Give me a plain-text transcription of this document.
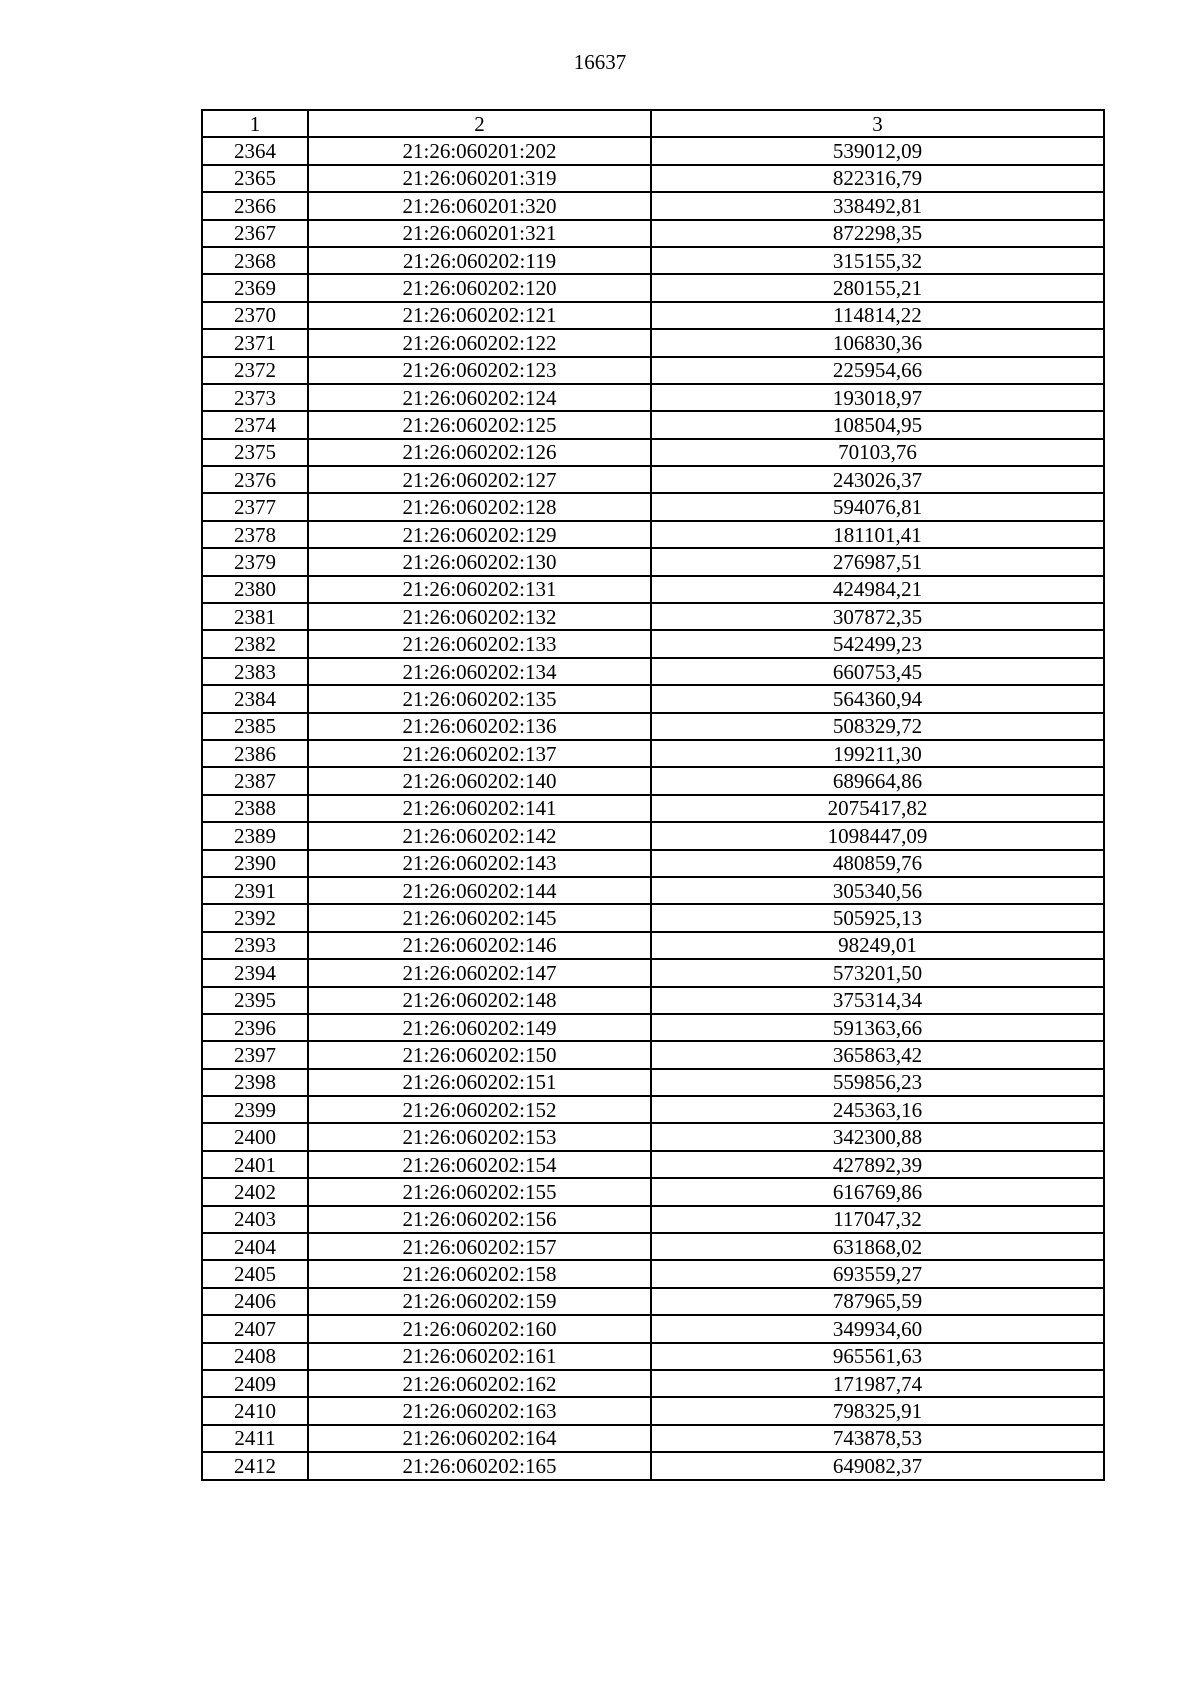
16637
1	2	3
2364	21:26:060201:202	539012,09
2365	21:26:060201:319	822316,79
2366	21:26:060201:320	338492,81
2367	21:26:060201:321	872298,35
2368	21:26:060202:119	315155,32
2369	21:26:060202:120	280155,21
2370	21:26:060202:121	114814,22
2371	21:26:060202:122	106830,36
2372	21:26:060202:123	225954,66
2373	21:26:060202:124	193018,97
2374	21:26:060202:125	108504,95
2375	21:26:060202:126	70103,76
2376	21:26:060202:127	243026,37
2377	21:26:060202:128	594076,81
2378	21:26:060202:129	181101,41
2379	21:26:060202:130	276987,51
2380	21:26:060202:131	424984,21
2381	21:26:060202:132	307872,35
2382	21:26:060202:133	542499,23
2383	21:26:060202:134	660753,45
2384	21:26:060202:135	564360,94
2385	21:26:060202:136	508329,72
2386	21:26:060202:137	199211,30
2387	21:26:060202:140	689664,86
2388	21:26:060202:141	2075417,82
2389	21:26:060202:142	1098447,09
2390	21:26:060202:143	480859,76
2391	21:26:060202:144	305340,56
2392	21:26:060202:145	505925,13
2393	21:26:060202:146	98249,01
2394	21:26:060202:147	573201,50
2395	21:26:060202:148	375314,34
2396	21:26:060202:149	591363,66
2397	21:26:060202:150	365863,42
2398	21:26:060202:151	559856,23
2399	21:26:060202:152	245363,16
2400	21:26:060202:153	342300,88
2401	21:26:060202:154	427892,39
2402	21:26:060202:155	616769,86
2403	21:26:060202:156	117047,32
2404	21:26:060202:157	631868,02
2405	21:26:060202:158	693559,27
2406	21:26:060202:159	787965,59
2407	21:26:060202:160	349934,60
2408	21:26:060202:161	965561,63
2409	21:26:060202:162	171987,74
2410	21:26:060202:163	798325,91
2411	21:26:060202:164	743878,53
2412	21:26:060202:165	649082,37
